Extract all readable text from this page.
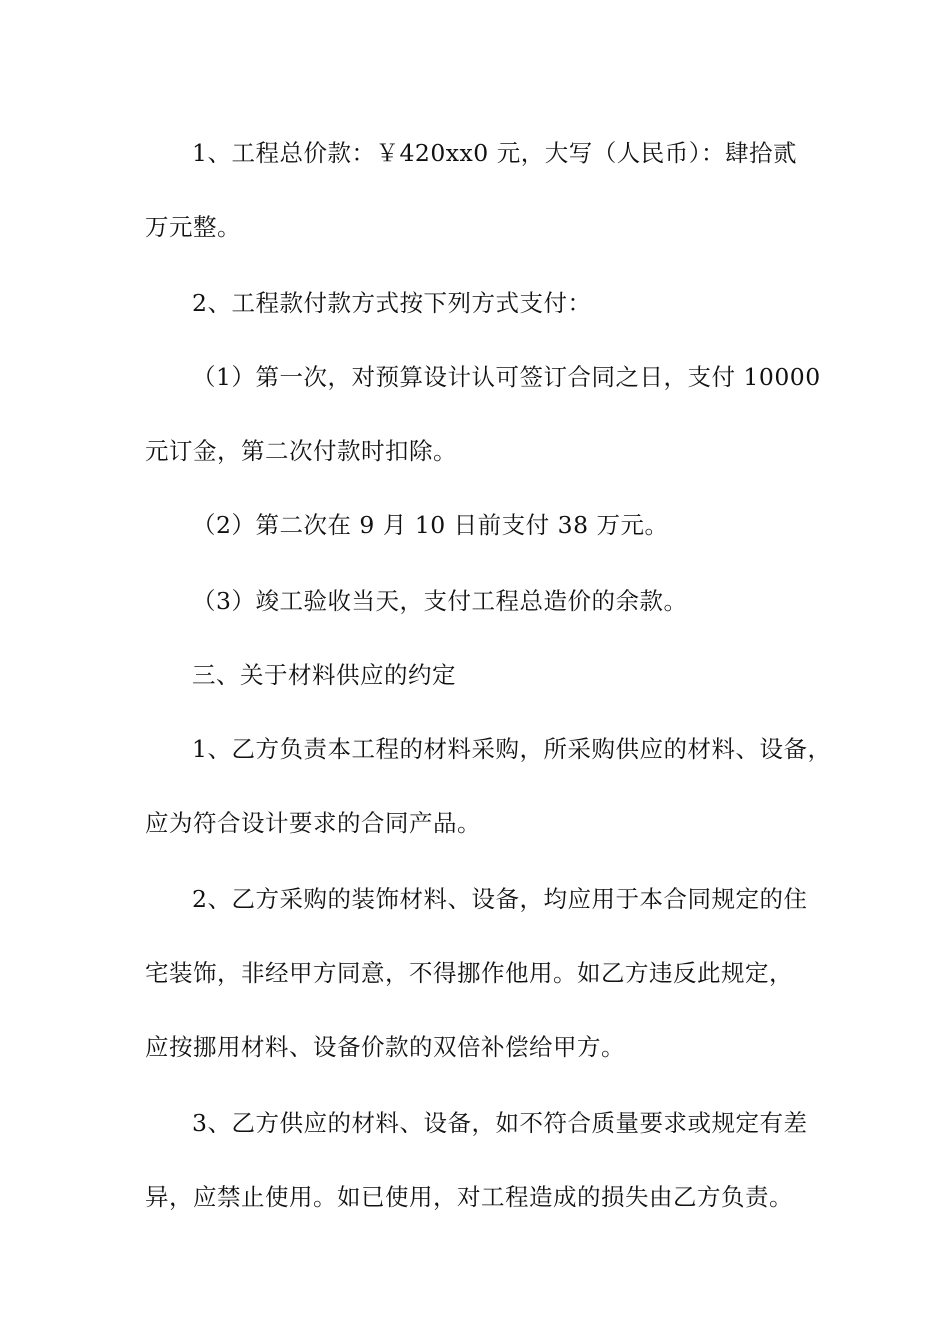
1、工程总价款：￥420xx0 元，大写（人民币）：肆拾贰
万元整。
2、工程款付款方式按下列方式支付：
（1）第一次，对预算设计认可签订合同之日，支付 10000
元订金，第二次付款时扣除。
（2）第二次在 9 月 10 日前支付 38 万元。
（3）竣工验收当天，支付工程总造价的余款。
三、关于材料供应的约定
1、乙方负责本工程的材料采购，所采购供应的材料、设备，
应为符合设计要求的合同产品。
2、乙方采购的装饰材料、设备，均应用于本合同规定的住
宅装饰，非经甲方同意，不得挪作他用。如乙方违反此规定，
应按挪用材料、设备价款的双倍补偿给甲方。
3、乙方供应的材料、设备，如不符合质量要求或规定有差
异，应禁止使用。如已使用，对工程造成的损失由乙方负责。
